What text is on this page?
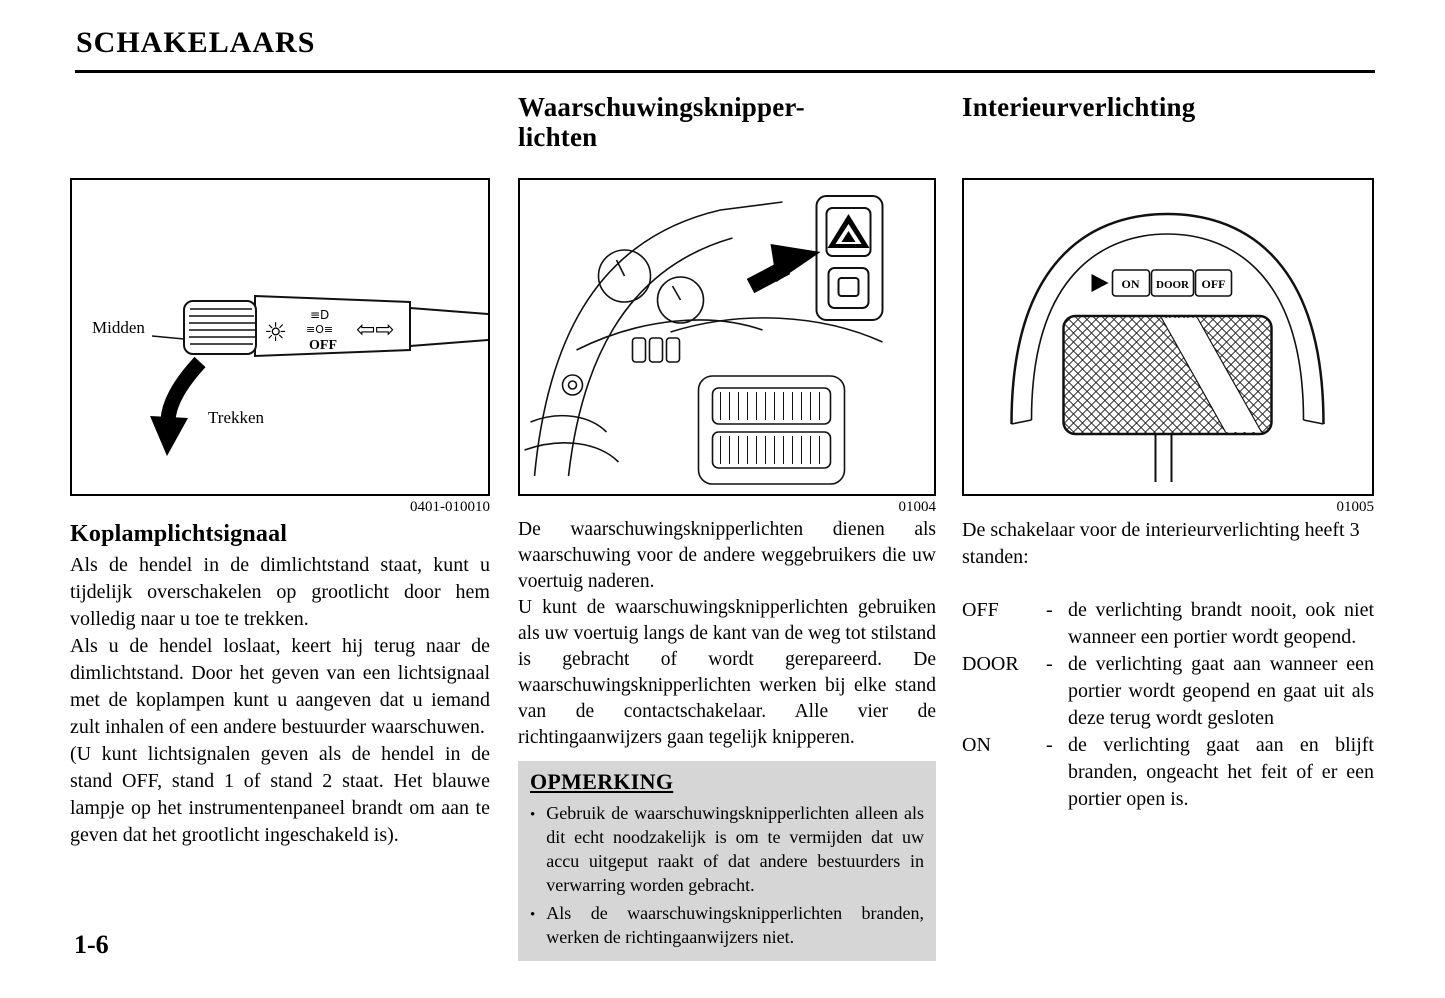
SCHAKELAARS
☼
≡D
≡O≡
OFF
⇦⇨
Midden
Trekken
0401-010010
Koplamplichtsignaal

Als de hendel in de dimlichtstand staat, kunt u tijdelijk overschakelen op grootlicht door hem volledig naar u toe te trekken.

Als u de hendel loslaat, keert hij terug naar de dimlichtstand. Door het geven van een lichtsignaal met de koplampen kunt u aangeven dat u iemand zult inhalen of een andere bestuurder waarschuwen.

(U kunt lichtsignalen geven als de hendel in de stand OFF, stand 1 of stand 2 staat. Het blauwe lampje op het instrumentenpaneel brandt om aan te geven dat het grootlicht ingeschakeld is).

Waarschuwingsknipper-
lichten
01004

De waarschuwingsknipperlichten dienen als waarschuwing voor de andere weggebruikers die uw voertuig naderen.

U kunt de waarschuwingsknipperlichten gebruiken als uw voertuig langs de kant van de weg tot stilstand is gebracht of wordt gerepareerd. De waarschuwingsknipperlichten werken bij elke stand van de contactschakelaar. Alle vier de richtingaanwijzers gaan tegelijk knipperen.

OPMERKING
• Gebruik de waarschuwingsknipperlichten alleen als dit echt noodzakelijk is om te vermijden dat uw accu uitgeput raakt of dat andere bestuurders in verwarring worden gebracht.
• Als de waarschuwingsknipperlichten branden, werken de richtingaanwijzers niet.
Interieurverlichting
ON DOOR OFF
01005

De schakelaar voor de interieurverlichting heeft 3 standen:

OFF	- de verlichting brandt nooit, ook niet wanneer een portier wordt geopend.
DOOR	- de verlichting gaat aan wanneer een portier wordt geopend en gaat uit als deze terug wordt gesloten
ON	- de verlichting gaat aan en blijft branden, ongeacht het feit of er een portier open is.
1-6
